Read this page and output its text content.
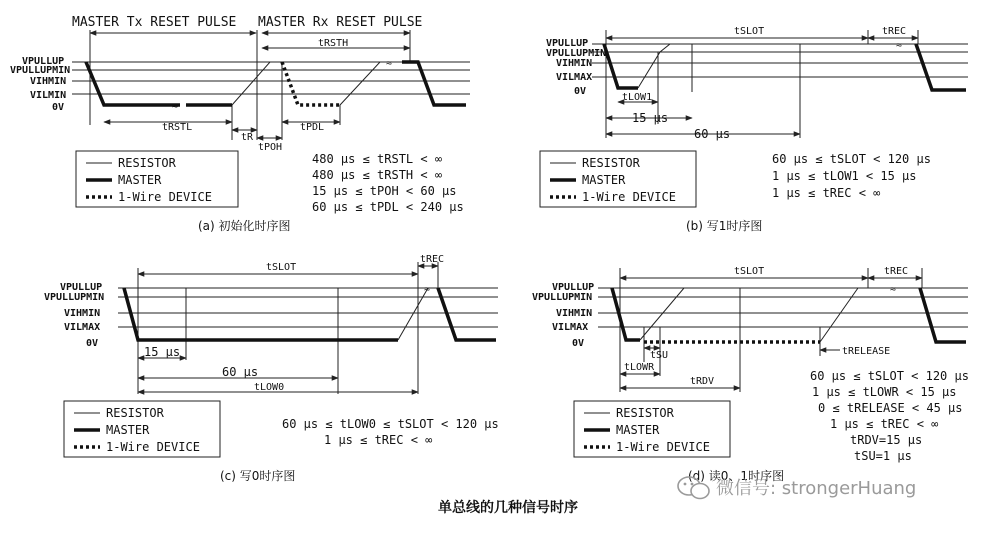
MASTER Tx RESET PULSE MASTER Rx RESET PULSE
tRSTH
VPULLUP
VPULLUPMIN
VIHMIN
VILMIN
0V	≈
≈
tRSTL
tR
tPOH
tPDL
RESISTOR
MASTER
1-Wire DEVICE
480 μs ≤ tRSTL < ∞
480 μs ≤ tRSTH < ∞
15 μs ≤ tPOH < 60 μs
60 μs ≤ tPDL < 240 μs
(a) 初始化时序图
tSLOT	tREC
VPULLUP
VPULLUPMIN
VIHMIN
VILMAX
0V
≈
tLOW1
15 μs
60 μs
RESISTOR
MASTER
1-Wire DEVICE
60 μs ≤ tSLOT < 120 μs
1 μs ≤ tLOW1 < 15 μs
1 μs ≤ tREC < ∞
(b) 写1时序图
tSLOT
tREC
VPULLUP
VPULLUPMIN
VIHMIN
VILMAX
0V
≈
15 μs
60 μs
tLOW0
RESISTOR
MASTER
1-Wire DEVICE
60 μs ≤ tLOW0 ≤ tSLOT < 120 μs
1 μs ≤ tREC < ∞
(c) 写0时序图
tSLOT	tREC
VPULLUP
VPULLUPMIN
VIHMIN
VILMAX
0V
≈
tSU
tLOWR
tRDV
tRELEASE
RESISTOR
MASTER
1-Wire DEVICE
60 μs ≤ tSLOT < 120 μs
1 μs ≤ tLOWR < 15 μs
0 ≤ tRELEASE < 45 μs
1 μs ≤ tREC < ∞
tRDV=15 μs
tSU=1 μs
(d) 读0、1时序图
微信号: strongerHuang
单总线的几种信号时序
